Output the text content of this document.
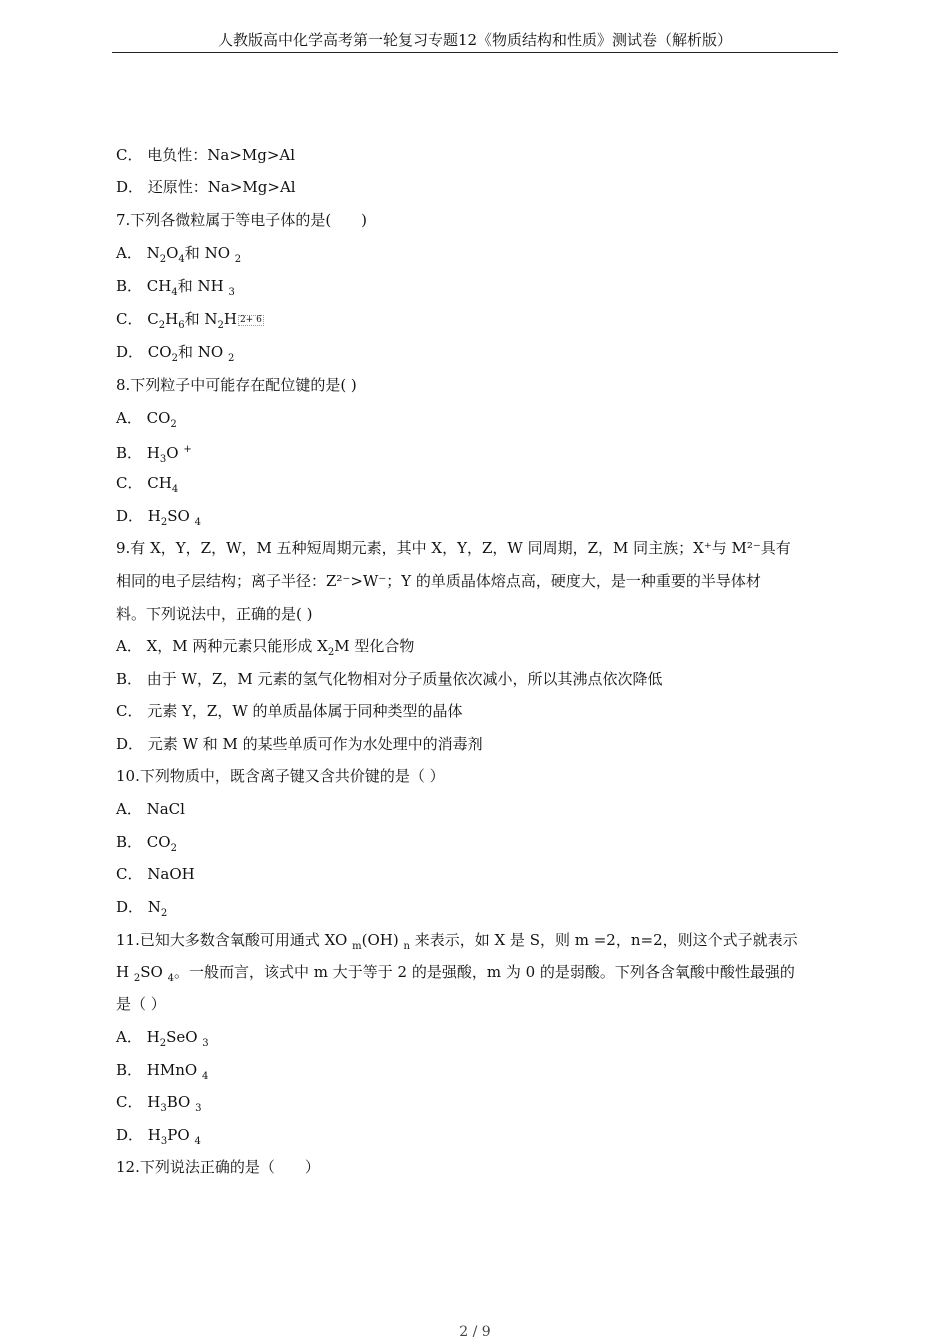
人教版高中化学高考第一轮复习专题12《物质结构和性质》测试卷（解析版）
C． 电负性：Na>Mg>Al
D． 还原性：Na>Mg>Al
7.下列各微粒属于等电子体的是(　　)
A． $N_2O_4$和 NO $_2$
B． $CH_4$和 NH $_3$
C． $C_2H_6$和 $N_2H$ 2+ 6
D． $CO_2$和 NO $_2$
8.下列粒子中可能存在配位键的是( )
A． $CO_2$
B． $H_3O$ +
C． $CH_4$
D． $H_2SO$ $_4$
9.有 X，Y，Z，W，M 五种短周期元素，其中 X，Y，Z，W 同周期，Z，M 同主族；X⁺与 M²⁻具有
相同的电子层结构；离子半径：Z²⁻>W⁻；Y 的单质晶体熔点高，硬度大，是一种重要的半导体材
料。下列说法中，正确的是( )
A． X，M 两种元素只能形成 $X_2M$ 型化合物
B． 由于 W，Z，M 元素的氢气化物相对分子质量依次减小，所以其沸点依次降低
C． 元素 Y，Z，W 的单质晶体属于同种类型的晶体
D． 元素 W 和 M 的某些单质可作为水处理中的消毒剂
10.下列物质中，既含离子键又含共价键的是（ ）
A． NaCl
B． $CO_2$
C． NaOH
D． $N_2$
11.已知大多数含氧酸可用通式 XO $_m$(OH) $_n$ 来表示，如 X 是 S，则 m =2，n=2，则这个式子就表示
H $_2$SO $_4$。一般而言，该式中 m 大于等于 2 的是强酸，m 为 0 的是弱酸。下列各含氧酸中酸性最强的
是（ ）
A． $H_2SeO$ $_3$
B． HMnO $_4$
C． $H_3BO$ $_3$
D． $H_3PO$ $_4$
12.下列说法正确的是（　　）
2 / 9
